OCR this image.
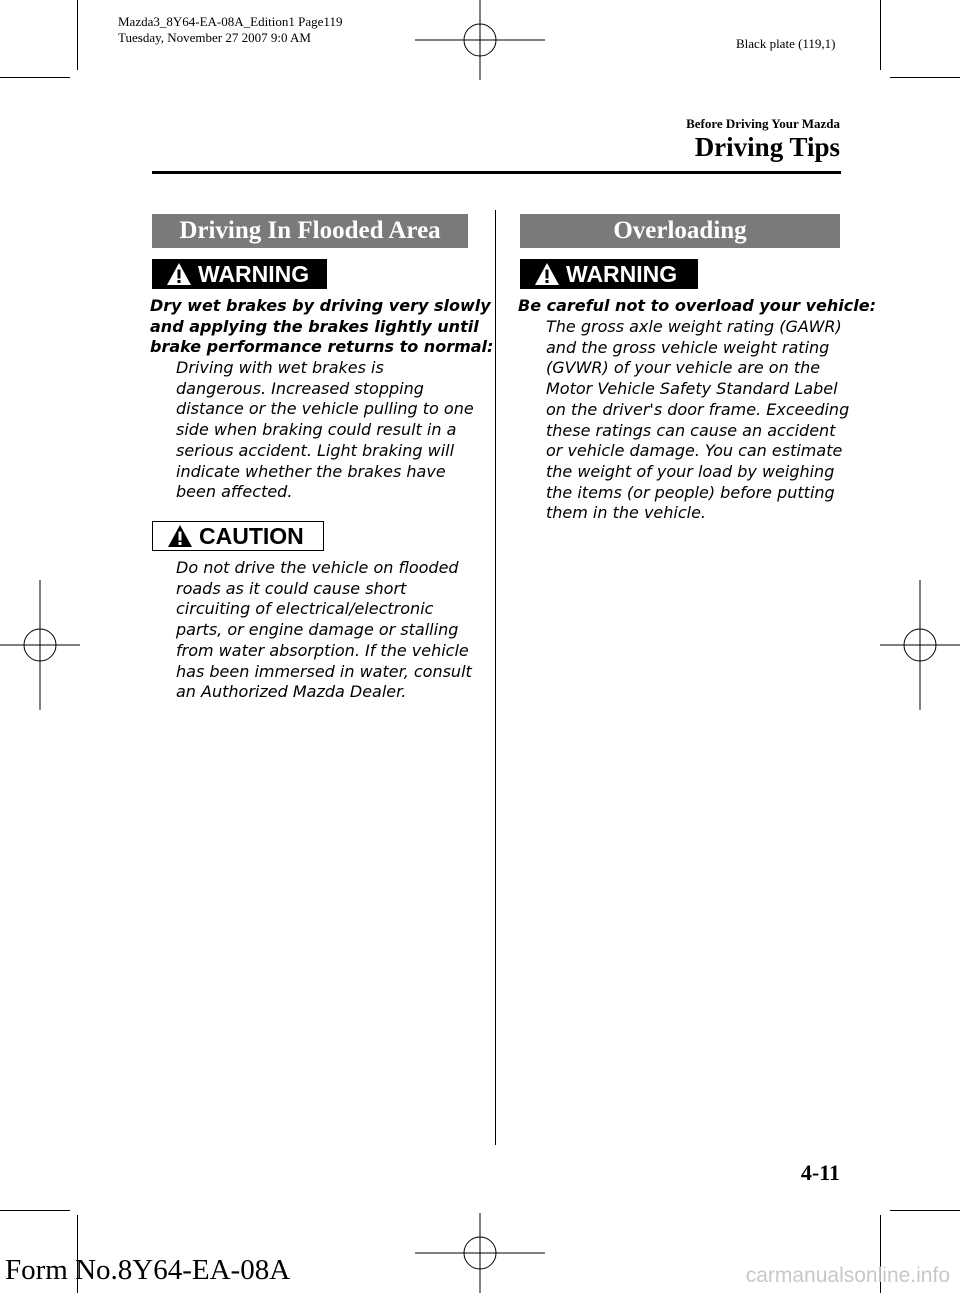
Mazda3_8Y64-EA-08A_Edition1 Page119
Tuesday, November 27 2007 9:0 AM	Black plate (119,1)
Before Driving Your Mazda
Driving Tips
Driving In Flooded Area
WARNING
Dry wet brakes by driving very slowly
and applying the brakes lightly until
brake performance returns to normal:
Driving with wet brakes is
dangerous. Increased stopping
distance or the vehicle pulling to one
side when braking could result in a
serious accident. Light braking will
indicate whether the brakes have
been affected.
CAUTION
Do not drive the vehicle on flooded
roads as it could cause short
circuiting of electrical/electronic
parts, or engine damage or stalling
from water absorption. If the vehicle
has been immersed in water, consult
an Authorized Mazda Dealer.
Overloading
WARNING
Be careful not to overload your vehicle:
The gross axle weight rating (GAWR)
and the gross vehicle weight rating
(GVWR) of your vehicle are on the
Motor Vehicle Safety Standard Label
on the driver's door frame. Exceeding
these ratings can cause an accident
or vehicle damage. You can estimate
the weight of your load by weighing
the items (or people) before putting
them in the vehicle.
4-11
Form No.8Y64-EA-08A	carmanualsonline.info
